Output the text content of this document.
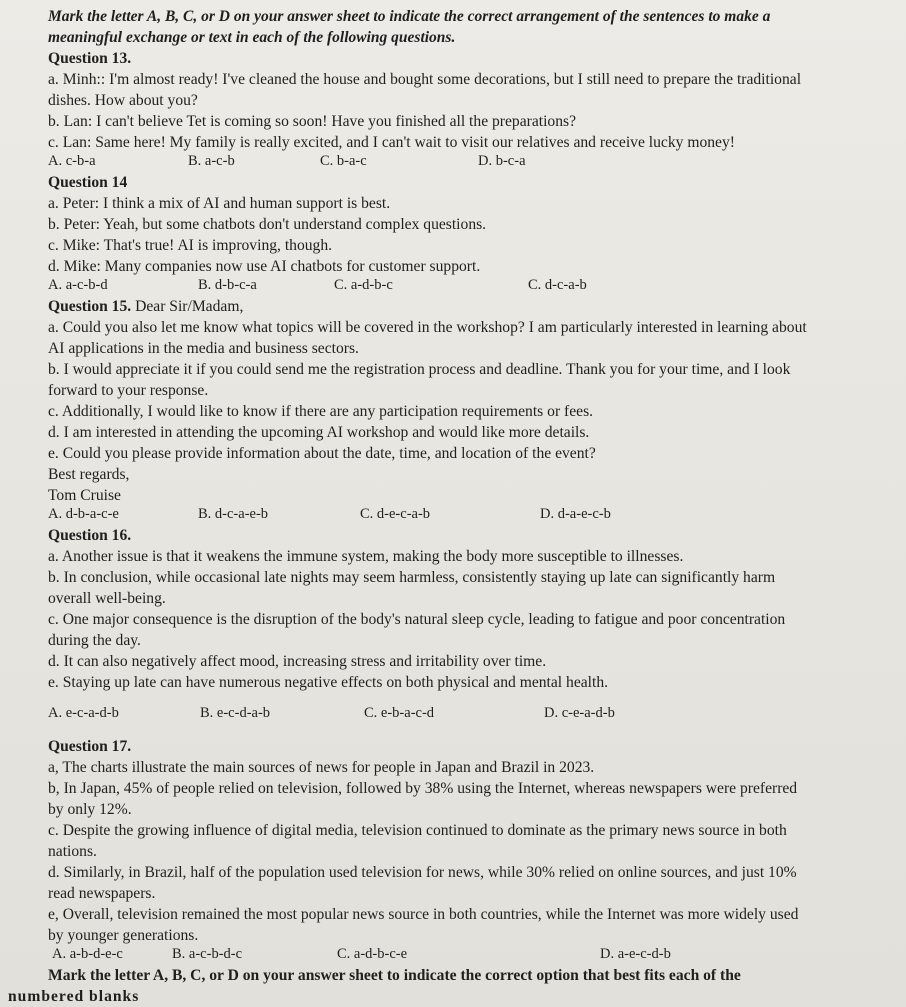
Mark the letter A, B, C, or D on your answer sheet to indicate the correct arrangement of the sentences to make a
meaningful exchange or text in each of the following questions.
Question 13.
a. Minh:: I'm almost ready! I've cleaned the house and bought some decorations, but I still need to prepare the traditional
dishes. How about you?
b. Lan: I can't believe Tet is coming so soon! Have you finished all the preparations?
c. Lan: Same here! My family is really excited, and I can't wait to visit our relatives and receive lucky money!
A. c-b-a	B. a-c-b	C. b-a-c	D. b-c-a
Question 14
a. Peter: I think a mix of AI and human support is best.
b. Peter: Yeah, but some chatbots don't understand complex questions.
c. Mike: That's true! AI is improving, though.
d. Mike: Many companies now use AI chatbots for customer support.
A. a-c-b-d	B. d-b-c-a	C. a-d-b-c	C. d-c-a-b
Question 15. Dear Sir/Madam,
a. Could you also let me know what topics will be covered in the workshop? I am particularly interested in learning about
AI applications in the media and business sectors.
b. I would appreciate it if you could send me the registration process and deadline. Thank you for your time, and I look
forward to your response.
c. Additionally, I would like to know if there are any participation requirements or fees.
d. I am interested in attending the upcoming AI workshop and would like more details.
e. Could you please provide information about the date, time, and location of the event?
Best regards,
Tom Cruise
A. d-b-a-c-e	B. d-c-a-e-b	C. d-e-c-a-b	D. d-a-e-c-b
Question 16.
a. Another issue is that it weakens the immune system, making the body more susceptible to illnesses.
b. In conclusion, while occasional late nights may seem harmless, consistently staying up late can significantly harm
overall well-being.
c. One major consequence is the disruption of the body's natural sleep cycle, leading to fatigue and poor concentration
during the day.
d. It can also negatively affect mood, increasing stress and irritability over time.
e. Staying up late can have numerous negative effects on both physical and mental health.
A. e-c-a-d-b	B. e-c-d-a-b	C. e-b-a-c-d	D. c-e-a-d-b
Question 17.
a, The charts illustrate the main sources of news for people in Japan and Brazil in 2023.
b, In Japan, 45% of people relied on television, followed by 38% using the Internet, whereas newspapers were preferred
by only 12%.
c. Despite the growing influence of digital media, television continued to dominate as the primary news source in both
nations.
d. Similarly, in Brazil, half of the population used television for news, while 30% relied on online sources, and just 10%
read newspapers.
e, Overall, television remained the most popular news source in both countries, while the Internet was more widely used
by younger generations.
A. a-b-d-e-c	B. a-c-b-d-c	C. a-d-b-c-e	D. a-e-c-d-b
Mark the letter A, B, C, or D on your answer sheet to indicate the correct option that best fits each of the
numbered blanks
